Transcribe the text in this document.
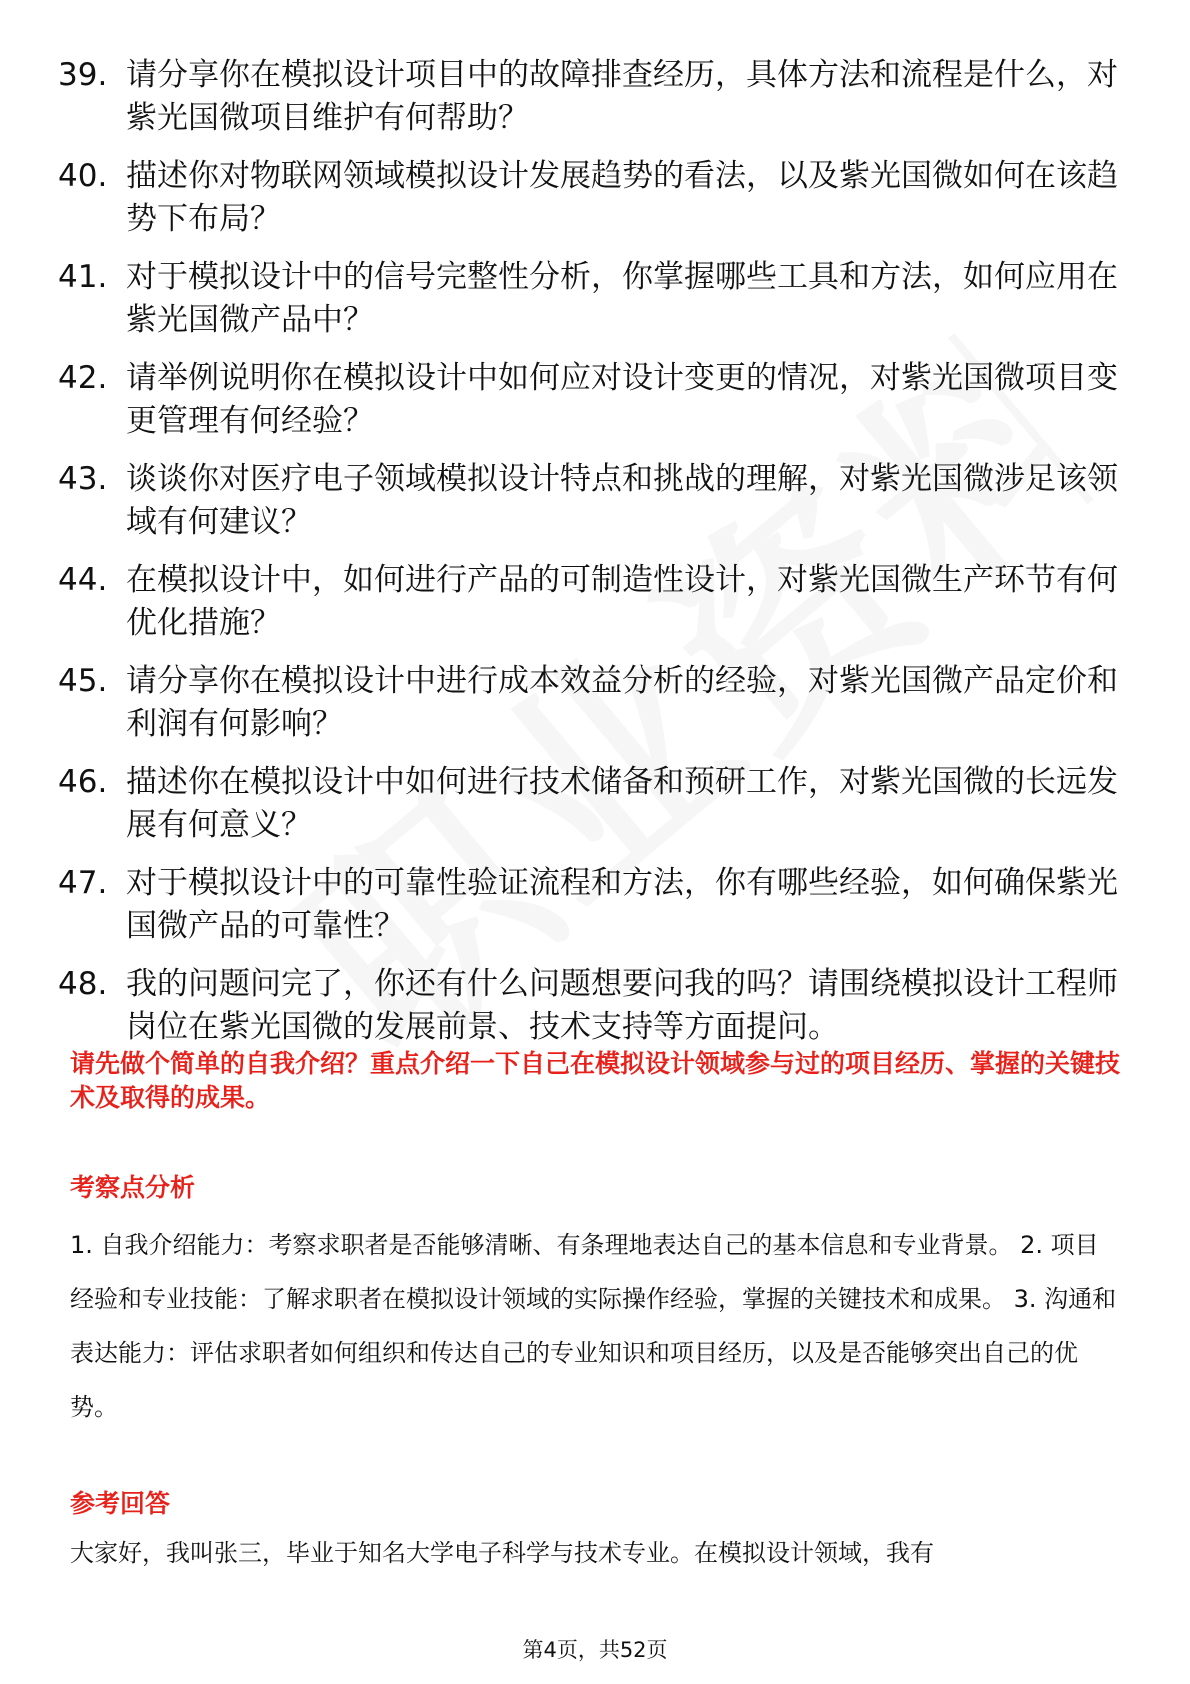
39. 请分享你在模拟设计项目中的故障排查经历，具体方法和流程是什么，对紫光国微项目维护有何帮助？
40. 描述你对物联网领域模拟设计发展趋势的看法，以及紫光国微如何在该趋势下布局？
41. 对于模拟设计中的信号完整性分析，你掌握哪些工具和方法，如何应用在紫光国微产品中？
42. 请举例说明你在模拟设计中如何应对设计变更的情况，对紫光国微项目变更管理有何经验？
43. 谈谈你对医疗电子领域模拟设计特点和挑战的理解，对紫光国微涉足该领域有何建议？
44. 在模拟设计中，如何进行产品的可制造性设计，对紫光国微生产环节有何优化措施？
45. 请分享你在模拟设计中进行成本效益分析的经验，对紫光国微产品定价和利润有何影响？
46. 描述你在模拟设计中如何进行技术储备和预研工作，对紫光国微的长远发展有何意义？
47. 对于模拟设计中的可靠性验证流程和方法，你有哪些经验，如何确保紫光国微产品的可靠性？
48. 我的问题问完了，你还有什么问题想要问我的吗？请围绕模拟设计工程师岗位在紫光国微的发展前景、技术支持等方面提问。
请先做个简单的自我介绍？重点介绍一下自己在模拟设计领域参与过的项目经历、掌握的关键技术及取得的成果。
考察点分析
1. 自我介绍能力：考察求职者是否能够清晰、有条理地表达自己的基本信息和专业背景。 2. 项目经验和专业技能：了解求职者在模拟设计领域的实际操作经验，掌握的关键技术和成果。 3. 沟通和表达能力：评估求职者如何组织和传达自己的专业知识和项目经历，以及是否能够突出自己的优势。
参考回答
大家好，我叫张三，毕业于知名大学电子科学与技术专业。在模拟设计领域，我有
第4页，共52页
